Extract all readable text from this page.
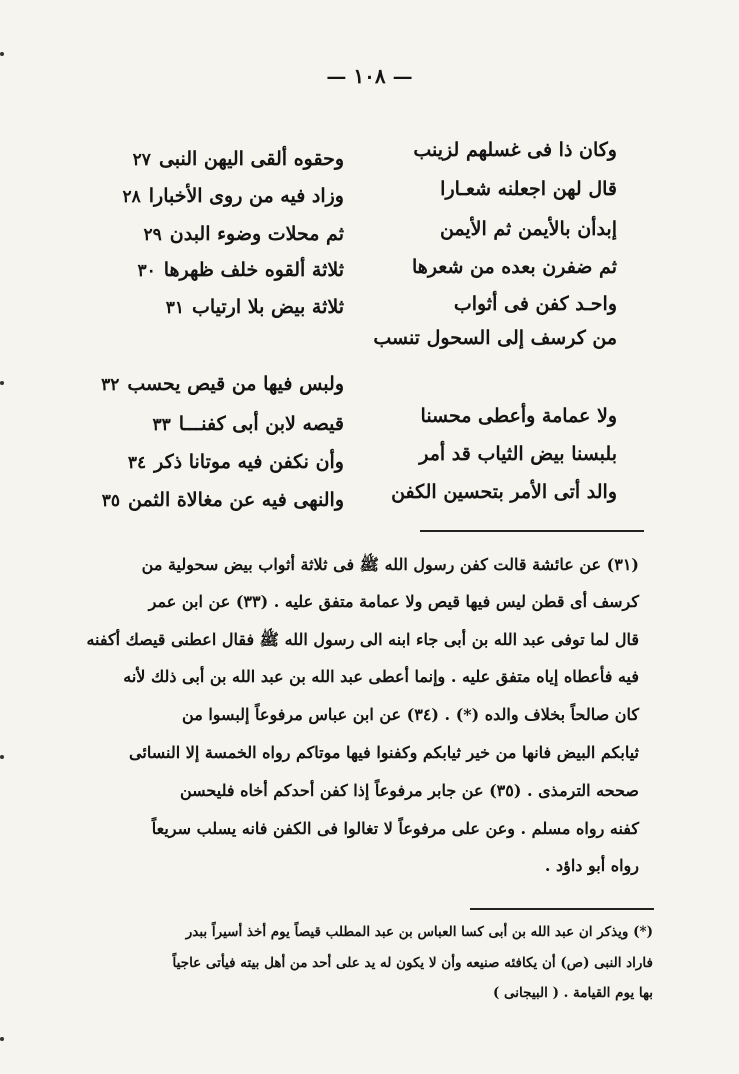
— ١٠٨ —
وكان ذا فى غسلهم لزينب
قال لهن اجعلنه شعـارا
إبدأن بالأيمن ثم الأيمن
ثم ضفرن بعده من شعرها
واحـد كفن فى أثواب
من كرسف إلى السحول تنسب
وحقوه ألقى اليهن النبى٢٧
وزاد فيه من روى الأخبارا٢٨
ثم محلات وضوء البدن٢٩
ثلاثة ألقوه خلف ظهرها٣٠
ثلاثة بيض بلا ارتياب٣١
ولبس فيها من قيص يحسب٣٢
ولا عمامة وأعطى محسنا
بلبسنا بيض الثياب قد أمر
والد أتى الأمر بتحسين الكفن
قيصه لابن أبى كفنـــا٣٣
وأن نكفن فيه موتانا ذكر٣٤
والنهى فيه عن مغالاة الثمن٣٥
(٣١) عن عائشة قالت كفن رسول الله ﷺ فى ثلاثة أثواب بيض سحولية من
كرسف أى قطن ليس فيها قيص ولا عمامة متفق عليه . (٣٣) عن ابن عمر
قال لما توفى عبد الله بن أبى جاء ابنه الى رسول الله ﷺ فقال اعطنى قيصك أكفنه
فيه فأعطاه إياه متفق عليه . وإنما أعطى عبد الله بن عبد الله بن أبى ذلك لأنه
كان صالحاً بخلاف والده (*) . (٣٤) عن ابن عباس مرفوعاً إلبسوا من
ثيابكم البيض فانها من خير ثيابكم وكفنوا فيها موتاكم رواه الخمسة إلا النسائى
صححه الترمذى . (٣٥) عن جابر مرفوعاً إذا كفن أحدكم أخاه فليحسن
كفنه رواه مسلم . وعن على مرفوعاً لا تغالوا فى الكفن فانه يسلب سريعاً
رواه أبو داؤد .
(*) ويذكر ان عبد الله بن أبى كسا العباس بن عبد المطلب قيصاً يوم أخذ أسيراً ببدر
فاراد النبى (ص) أن يكافئه صنيعه وأن لا يكون له يد على أحد من أهل بيته فيأتى عاجياً
بها يوم القيامة . ( البيجانى )
